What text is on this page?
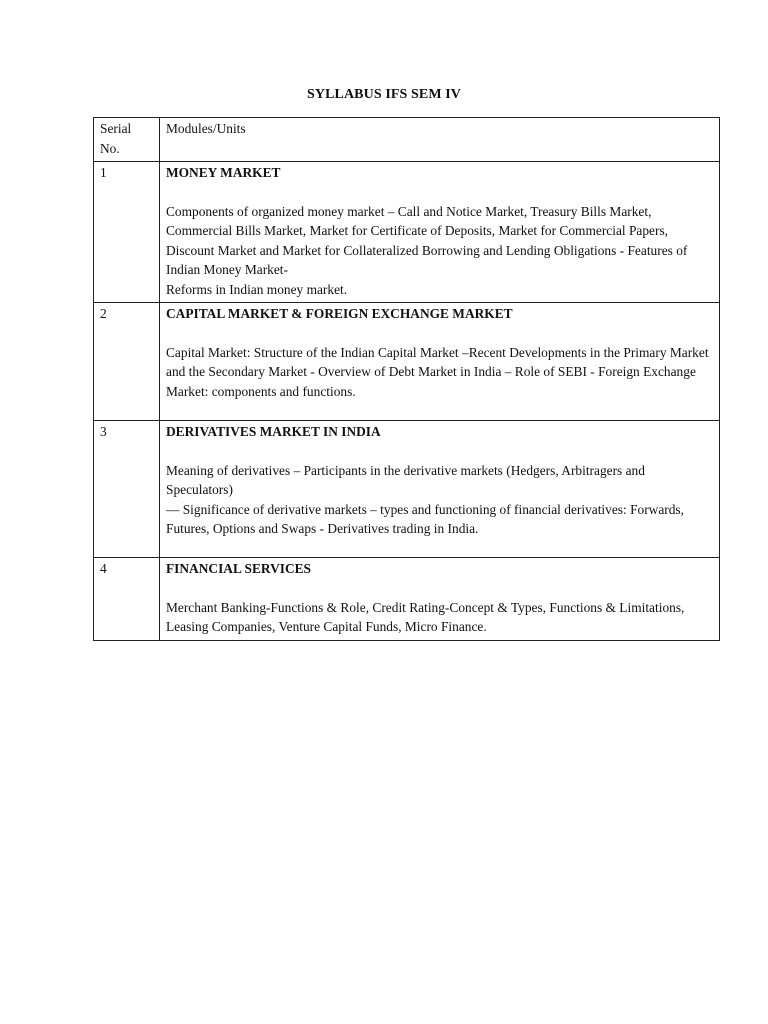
SYLLABUS IFS SEM IV
Serial No.	Modules/Units
1	MONEY MARKET
Components of organized money market – Call and Notice Market, Treasury Bills Market, Commercial Bills Market, Market for Certificate of Deposits, Market for Commercial Papers, Discount Market and Market for Collateralized Borrowing and Lending Obligations - Features of Indian Money Market-
Reforms in Indian money market.

2	CAPITAL MARKET & FOREIGN EXCHANGE MARKET
Capital Market: Structure of the Indian Capital Market –Recent Developments in the Primary Market and the Secondary Market - Overview of Debt Market in India – Role of SEBI - Foreign Exchange Market: components and functions.

3	DERIVATIVES MARKET IN INDIA
Meaning of derivatives – Participants in the derivative markets (Hedgers, Arbitragers and Speculators)
— Significance of derivative markets – types and functioning of financial derivatives: Forwards, Futures, Options and Swaps - Derivatives trading in India.

4	FINANCIAL SERVICES
Merchant Banking-Functions & Role, Credit Rating-Concept & Types, Functions & Limitations, Leasing Companies, Venture Capital Funds, Micro Finance.
